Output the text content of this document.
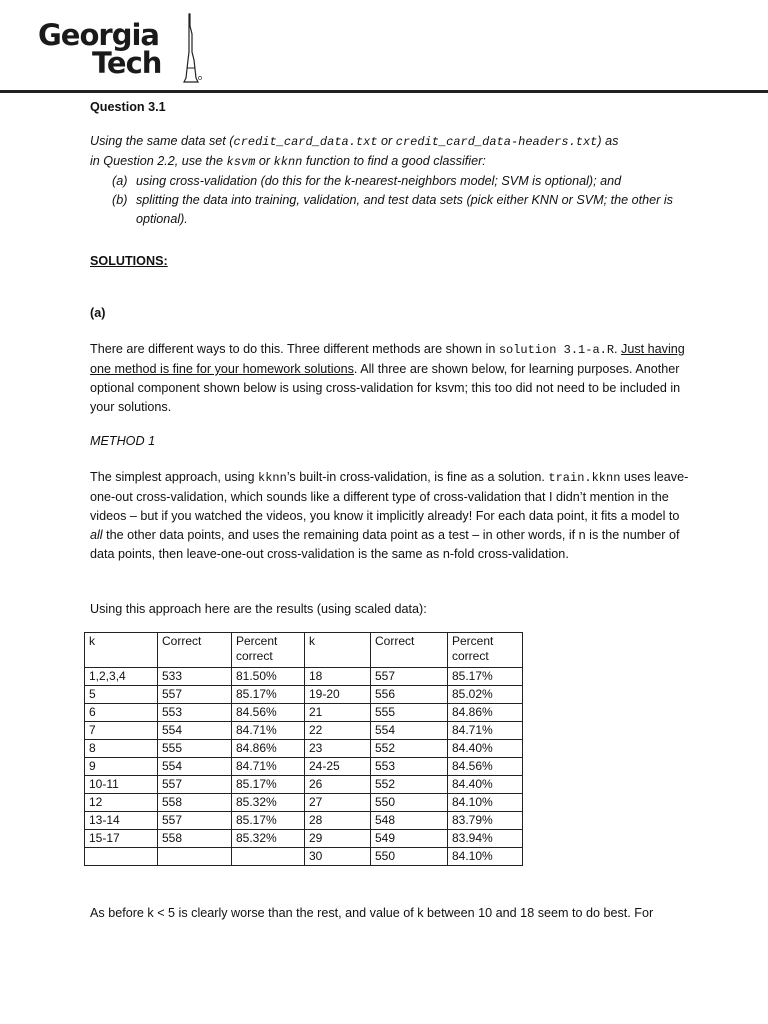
Georgia
Tech
Question 3.1

Using the same data set (credit_card_data.txt or credit_card_data-headers.txt) as
in Question 2.2, use the ksvm or kknn function to find a good classifier:

(a) using cross-validation (do this for the k-nearest-neighbors model; SVM is optional); and
(b) splitting the data into training, validation, and test data sets (pick either KNN or SVM; the other is optional).
SOLUTIONS:
(a)
There are different ways to do this. Three different methods are shown in solution 3.1-a.R. Just having one method is fine for your homework solutions. All three are shown below, for learning purposes. Another optional component shown below is using cross-validation for ksvm; this too did not need to be included in your solutions.
METHOD 1
The simplest approach, using kknn’s built-in cross-validation, is fine as a solution. train.kknn uses leave-one-out cross-validation, which sounds like a different type of cross-validation that I didn’t mention in the videos – but if you watched the videos, you know it implicitly already! For each data point, it fits a model to all the other data points, and uses the remaining data point as a test – in other words, if n is the number of data points, then leave-one-out cross-validation is the same as n-fold cross-validation.
Using this approach here are the results (using scaled data):
k	Correct	Percent correct	k	Correct	Percent correct
1,2,3,4	533	81.50%	18	557	85.17%
5	557	85.17%	19-20	556	85.02%
6	553	84.56%	21	555	84.86%
7	554	84.71%	22	554	84.71%
8	555	84.86%	23	552	84.40%
9	554	84.71%	24-25	553	84.56%
10-11	557	85.17%	26	552	84.40%
12	558	85.32%	27	550	84.10%
13-14	557	85.17%	28	548	83.79%
15-17	558	85.32%	29	549	83.94%
			30	550	84.10%
As before k < 5 is clearly worse than the rest, and value of k between 10 and 18 seem to do best. For
